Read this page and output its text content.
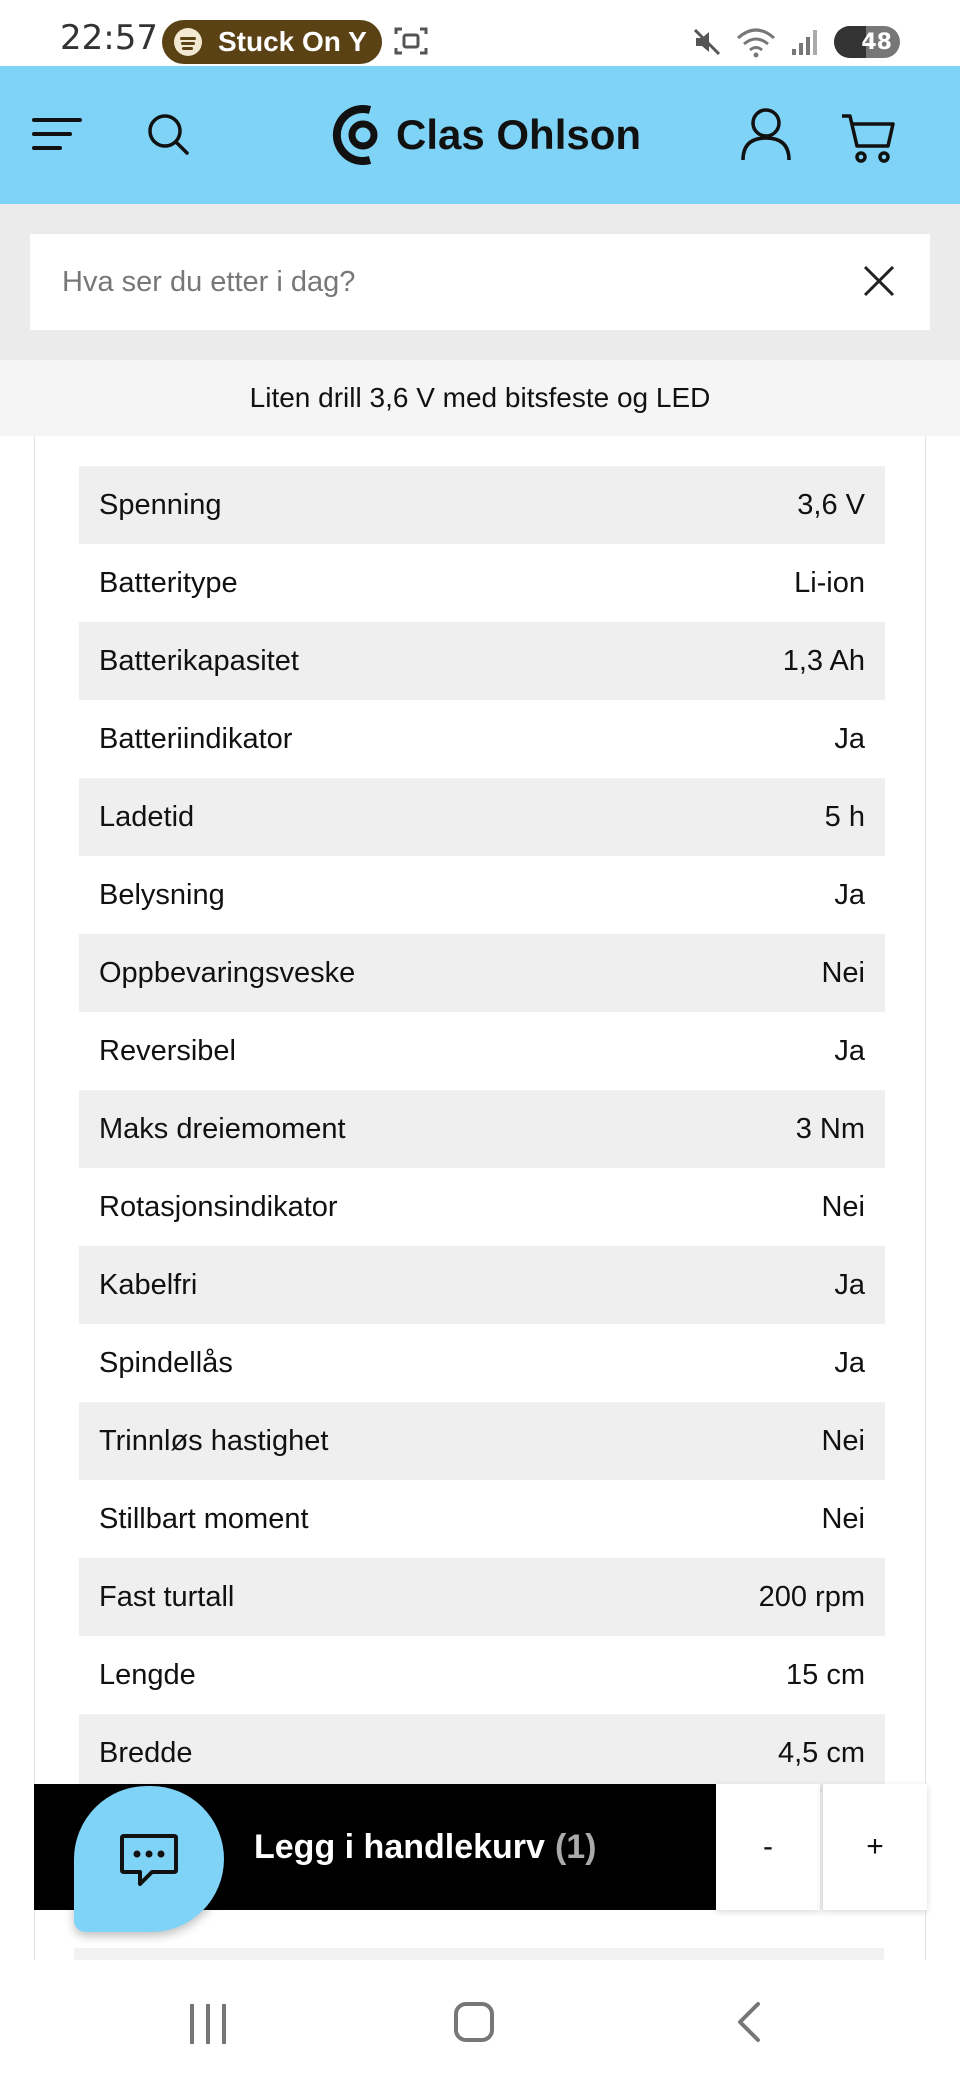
22:57 Stuck On Y	48
Clas Ohlson
Hva ser du etter i dag?
Liten drill 3,6 V med bitsfeste og LED
Spenning	3,6 V
Batteritype	Li-ion
Batterikapasitet	1,3 Ah
Batteriindikator	Ja
Ladetid	5 h
Belysning	Ja
Oppbevaringsveske	Nei
Reversibel	Ja
Maks dreiemoment	3 Nm
Rotasjonsindikator	Nei
Kabelfri	Ja
Spindellås	Ja
Trinnløs hastighet	Nei
Stillbart moment	Nei
Fast turtall	200 rpm
Lengde	15 cm
Bredde	4,5 cm
Legg i handlekurv (1)	-	+
